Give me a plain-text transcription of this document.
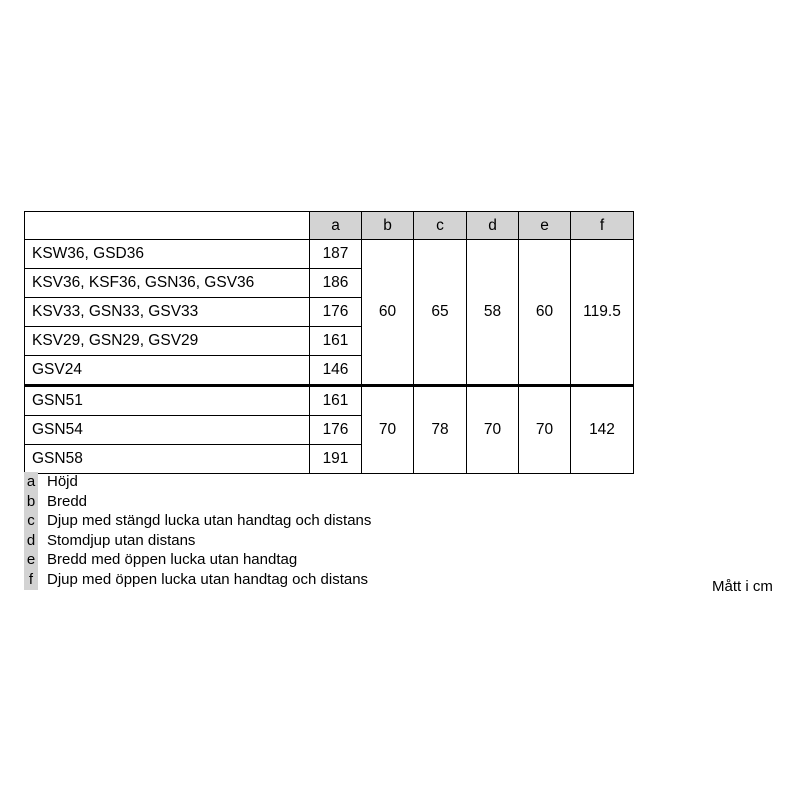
	a	b	c	d	e	f
KSW36, GSD36	187	60	65	58	60	119.5
KSV36, KSF36, GSN36, GSV36	186					
KSV33, GSN33, GSV33	176					
KSV29, GSN29, GSV29	161					
GSV24	146					
GSN51	161	70	78	70	70	142
GSN54	176					
GSN58	191					
a Höjd
b Bredd
c Djup med stängd lucka utan handtag och distans
d Stomdjup utan distans
e Bredd med öppen lucka utan handtag
f Djup med öppen lucka utan handtag och distans	Mått i cm
